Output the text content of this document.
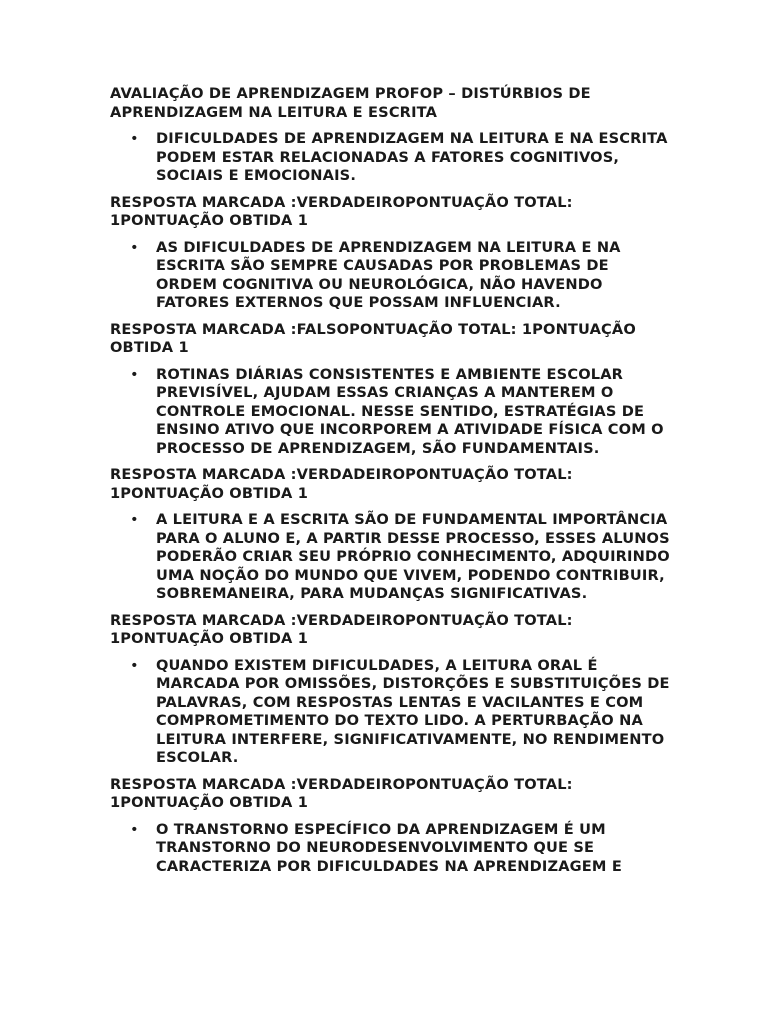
AVALIAÇÃO DE APRENDIZAGEM PROFOP – DISTÚRBIOS DE APRENDIZAGEM NA LEITURA E ESCRITA

• DIFICULDADES DE APRENDIZAGEM NA LEITURA E NA ESCRITA PODEM ESTAR RELACIONADAS A FATORES COGNITIVOS, SOCIAIS E EMOCIONAIS.

RESPOSTA MARCADA :VERDADEIROPONTUAÇÃO TOTAL: 1PONTUAÇÃO OBTIDA 1

• AS DIFICULDADES DE APRENDIZAGEM NA LEITURA E NA ESCRITA SÃO SEMPRE CAUSADAS POR PROBLEMAS DE ORDEM COGNITIVA OU NEUROLÓGICA, NÃO HAVENDO FATORES EXTERNOS QUE POSSAM INFLUENCIAR.

RESPOSTA MARCADA :FALSOPONTUAÇÃO TOTAL: 1PONTUAÇÃO OBTIDA 1

• ROTINAS DIÁRIAS CONSISTENTES E AMBIENTE ESCOLAR PREVISÍVEL, AJUDAM ESSAS CRIANÇAS A MANTEREM O CONTROLE EMOCIONAL. NESSE SENTIDO, ESTRATÉGIAS DE ENSINO ATIVO QUE INCORPOREM A ATIVIDADE FÍSICA COM O PROCESSO DE APRENDIZAGEM, SÃO FUNDAMENTAIS.

RESPOSTA MARCADA :VERDADEIROPONTUAÇÃO TOTAL: 1PONTUAÇÃO OBTIDA 1

• A LEITURA E A ESCRITA SÃO DE FUNDAMENTAL IMPORTÂNCIA PARA O ALUNO E, A PARTIR DESSE PROCESSO, ESSES ALUNOS PODERÃO CRIAR SEU PRÓPRIO CONHECIMENTO, ADQUIRINDO UMA NOÇÃO DO MUNDO QUE VIVEM, PODENDO CONTRIBUIR, SOBREMANEIRA, PARA MUDANÇAS SIGNIFICATIVAS.

RESPOSTA MARCADA :VERDADEIROPONTUAÇÃO TOTAL: 1PONTUAÇÃO OBTIDA 1

• QUANDO EXISTEM DIFICULDADES, A LEITURA ORAL É MARCADA POR OMISSÕES, DISTORÇÕES E SUBSTITUIÇÕES DE PALAVRAS, COM RESPOSTAS LENTAS E VACILANTES E COM COMPROMETIMENTO DO TEXTO LIDO. A PERTURBAÇÃO NA LEITURA INTERFERE, SIGNIFICATIVAMENTE, NO RENDIMENTO ESCOLAR.

RESPOSTA MARCADA :VERDADEIROPONTUAÇÃO TOTAL: 1PONTUAÇÃO OBTIDA 1

• O TRANSTORNO ESPECÍFICO DA APRENDIZAGEM É UM TRANSTORNO DO NEURODESENVOLVIMENTO QUE SE CARACTERIZA POR DIFICULDADES NA APRENDIZAGEM E
